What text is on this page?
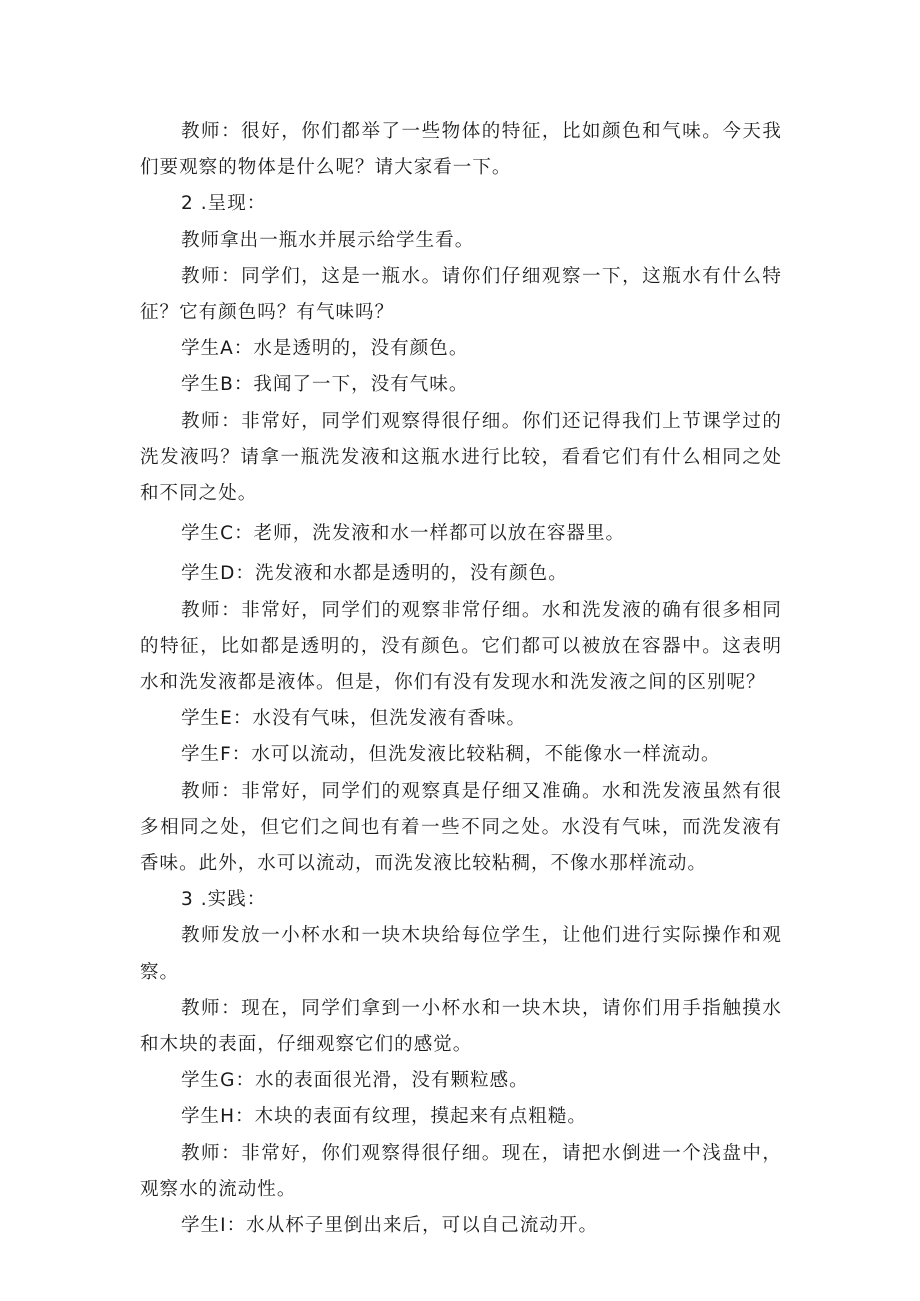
教师：很好，你们都举了一些物体的特征，比如颜色和气味。今天我们要观察的物体是什么呢？请大家看一下。

2 .呈现：

教师拿出一瓶水并展示给学生看。

教师：同学们，这是一瓶水。请你们仔细观察一下，这瓶水有什么特征？它有颜色吗？有气味吗？

学生A：水是透明的，没有颜色。

学生B：我闻了一下，没有气味。

教师：非常好，同学们观察得很仔细。你们还记得我们上节课学过的洗发液吗？请拿一瓶洗发液和这瓶水进行比较，看看它们有什么相同之处和不同之处。

学生C：老师，洗发液和水一样都可以放在容器里。

学生D：洗发液和水都是透明的，没有颜色。

教师：非常好，同学们的观察非常仔细。水和洗发液的确有很多相同的特征，比如都是透明的，没有颜色。它们都可以被放在容器中。这表明水和洗发液都是液体。但是，你们有没有发现水和洗发液之间的区别呢？

学生E：水没有气味，但洗发液有香味。

学生F：水可以流动，但洗发液比较粘稠，不能像水一样流动。

教师：非常好，同学们的观察真是仔细又准确。水和洗发液虽然有很多相同之处，但它们之间也有着一些不同之处。水没有气味，而洗发液有香味。此外，水可以流动，而洗发液比较粘稠，不像水那样流动。

3 .实践：

教师发放一小杯水和一块木块给每位学生，让他们进行实际操作和观察。

教师：现在，同学们拿到一小杯水和一块木块，请你们用手指触摸水和木块的表面，仔细观察它们的感觉。

学生G：水的表面很光滑，没有颗粒感。

学生H：木块的表面有纹理，摸起来有点粗糙。

教师：非常好，你们观察得很仔细。现在，请把水倒进一个浅盘中，观察水的流动性。

学生I：水从杯子里倒出来后，可以自己流动开。
